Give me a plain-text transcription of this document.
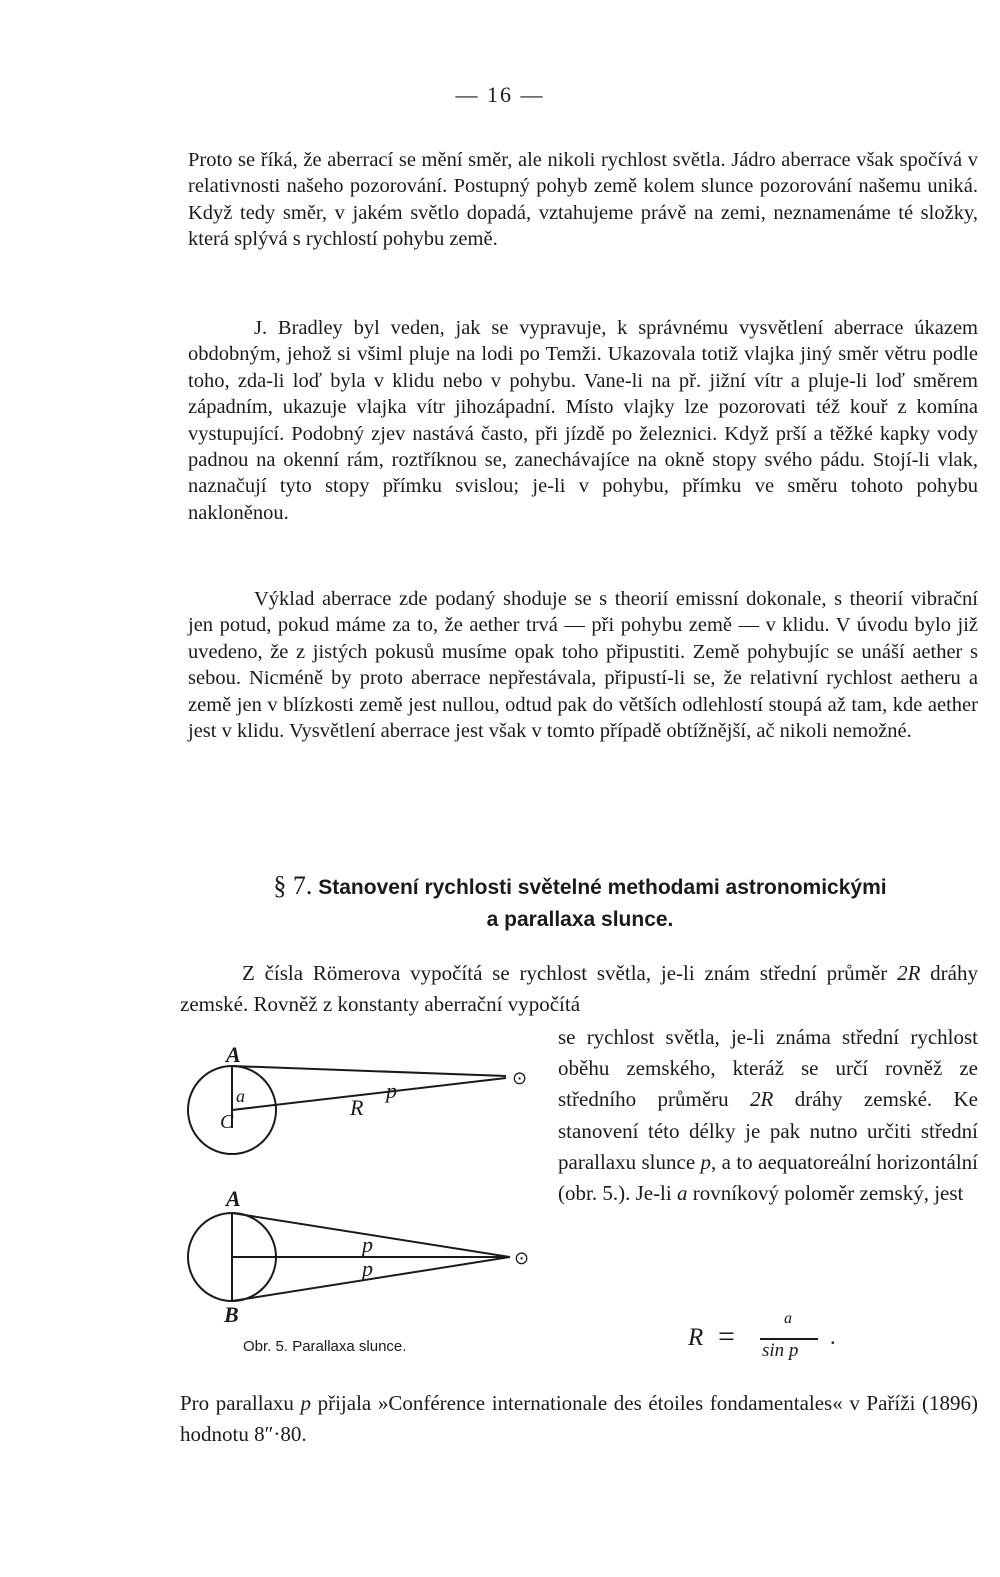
— 16 —

Proto se říká, že aberrací se mění směr, ale nikoli rychlost světla. Jádro aberrace však spočívá v relativnosti našeho pozorování. Postupný pohyb země kolem slunce pozorování našemu uniká. Když tedy směr, v jakém světlo dopadá, vztahujeme právě na zemi, neznamenáme té složky, která splývá s rychlostí pohybu země.

J. Bradley byl veden, jak se vypravuje, k správnému vysvětlení aberrace úkazem obdobným, jehož si všiml pluje na lodi po Temži. Ukazovala totiž vlajka jiný směr větru podle toho, zda-li loď byla v klidu nebo v pohybu. Vane-li na př. jižní vítr a pluje-li loď směrem západním, ukazuje vlajka vítr jihozápadní. Místo vlajky lze pozorovati též kouř z komína vystupující. Podobný zjev nastává často, při jízdě po železnici. Když prší a těžké kapky vody padnou na okenní rám, roztříknou se, zanechávajíce na okně stopy svého pádu. Stojí-li vlak, naznačují tyto stopy přímku svislou; je-li v pohybu, přímku ve směru tohoto pohybu nakloněnou.

Výklad aberrace zde podaný shoduje se s theorií emissní dokonale, s theorií vibrační jen potud, pokud máme za to, že aether trvá — při pohybu země — v klidu. V úvodu bylo již uvedeno, že z jistých pokusů musíme opak toho připustiti. Země pohybujíc se unáší aether s sebou. Nicméně by proto aberrace nepřestávala, připustí-li se, že relativní rychlost aetheru a země jen v blízkosti země jest nullou, odtud pak do větších odlehlostí stoupá až tam, kde aether jest v klidu. Vysvětlení aberrace jest však v tomto případě obtížnější, ač nikoli nemožné.

§ 7. Stanovení rychlosti světelné methodami astronomickými
a parallaxa slunce.

Z čísla Römerova vypočítá se rychlost světla, je-li znám střední průměr 2R dráhy zemské. Rovněž z konstanty aberrační vypočítá

se rychlost světla, je-li známa střední rychlost oběhu zemského, kteráž se určí rovněž ze středního průměru 2R dráhy zemské. Ke stanovení této délky je pak nutno určiti střední parallaxu slunce p, a to aequatoreální horizontální (obr. 5.). Je-li a rovníkový poloměr zemský, jest

A
a
C
R
p	⊙
A
B
p
p	⊙
Obr. 5. Parallaxa slunce.	R =
a
sin p
.

Pro parallaxu p přijala »Conférence internationale des étoiles fondamentales« v Paříži (1896) hodnotu 8″·80.
